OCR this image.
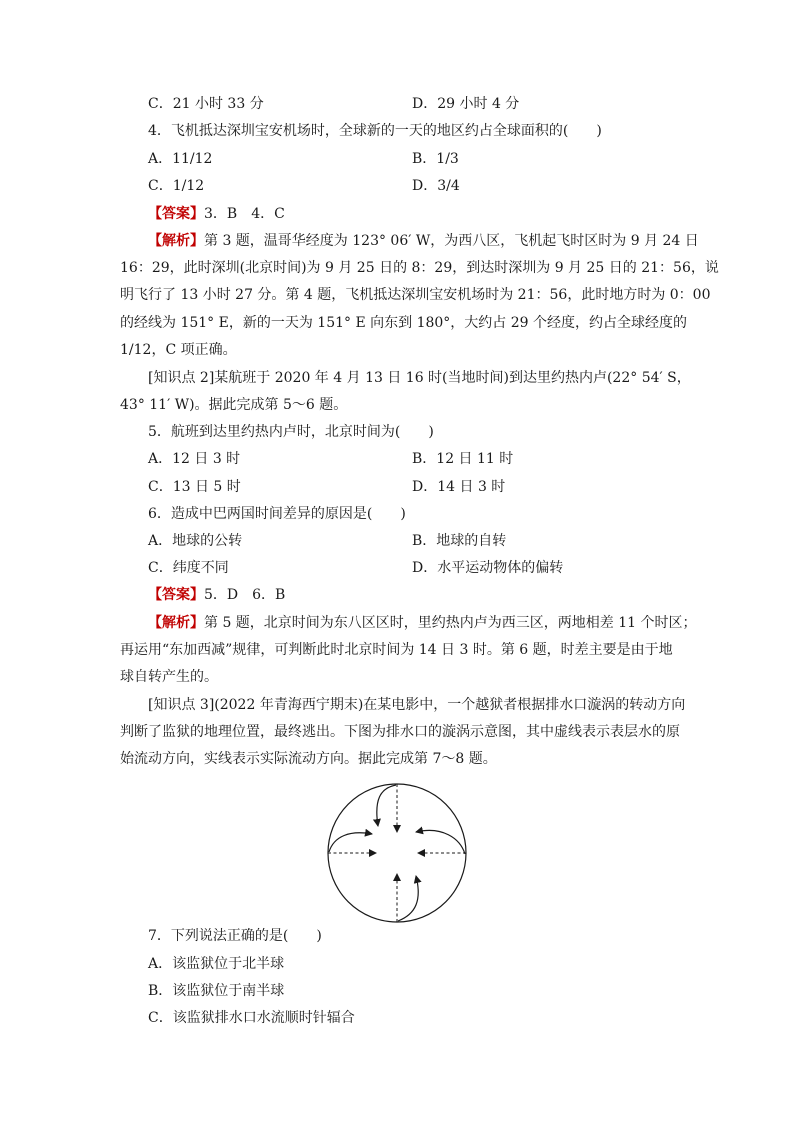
C．21 小时 33 分	D．29 小时 4 分
4．飞机抵达深圳宝安机场时，全球新的一天的地区约占全球面积的(　　)
A．11/12	B．1/3
C．1/12	D．3/4
【答案】3．B　4．C
【解析】第 3 题，温哥华经度为 123° 06′ W，为西八区，飞机起飞时区时为 9 月 24 日
16：29，此时深圳(北京时间)为 9 月 25 日的 8：29，到达时深圳为 9 月 25 日的 21：56，说
明飞行了 13 小时 27 分。第 4 题，飞机抵达深圳宝安机场时为 21：56，此时地方时为 0：00
的经线为 151° E，新的一天为 151° E 向东到 180°，大约占 29 个经度，约占全球经度的
1/12，C 项正确。
[知识点 2]某航班于 2020 年 4 月 13 日 16 时(当地时间)到达里约热内卢(22° 54′ S，
43° 11′ W)。据此完成第 5～6 题。
5．航班到达里约热内卢时，北京时间为(　　)
A．12 日 3 时	B．12 日 11 时
C．13 日 5 时	D．14 日 3 时
6．造成中巴两国时间差异的原因是(　　)
A．地球的公转	B．地球的自转
C．纬度不同	D．水平运动物体的偏转
【答案】5．D　6．B
【解析】第 5 题，北京时间为东八区区时，里约热内卢为西三区，两地相差 11 个时区；
再运用“东加西减”规律，可判断此时北京时间为 14 日 3 时。第 6 题，时差主要是由于地
球自转产生的。
[知识点 3](2022 年青海西宁期末)在某电影中，一个越狱者根据排水口漩涡的转动方向
判断了监狱的地理位置，最终逃出。下图为排水口的漩涡示意图，其中虚线表示表层水的原
始流动方向，实线表示实际流动方向。据此完成第 7～8 题。
7．下列说法正确的是(　　)
A．该监狱位于北半球
B．该监狱位于南半球
C．该监狱排水口水流顺时针辐合
